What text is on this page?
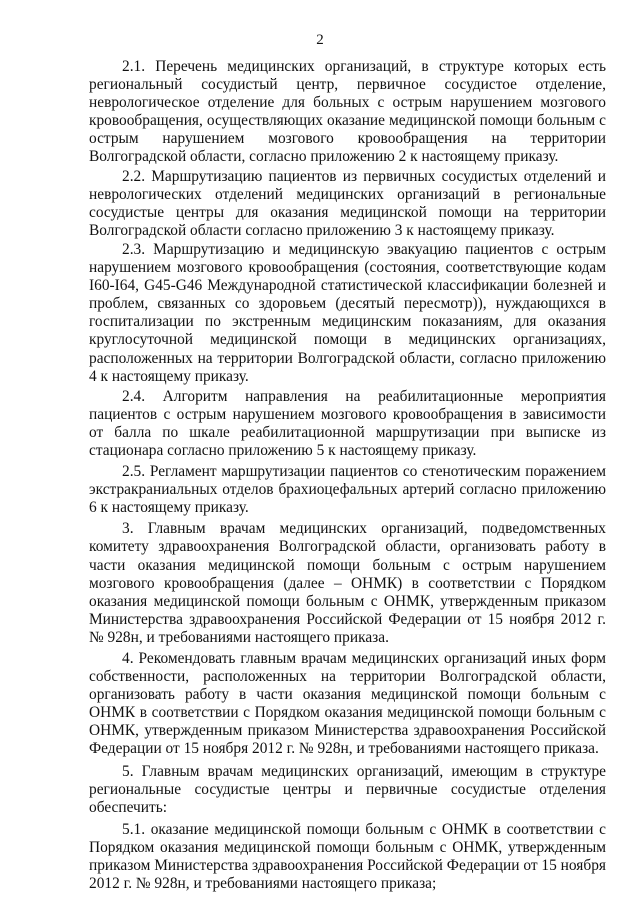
2

2.1. Перечень медицинских организаций, в структуре которых есть региональный сосудистый центр, первичное сосудистое отделение, неврологическое отделение для больных с острым нарушением мозгового кровообращения, осуществляющих оказание медицинской помощи больным с острым нарушением мозгового кровообращения на территории Волгоградской области, согласно приложению 2 к настоящему приказу.

2.2. Маршрутизацию пациентов из первичных сосудистых отделений и неврологических отделений медицинских организаций в региональные сосудистые центры для оказания медицинской помощи на территории Волгоградской области согласно приложению 3 к настоящему приказу.

2.3. Маршрутизацию и медицинскую эвакуацию пациентов с острым нарушением мозгового кровообращения (состояния, соответствующие кодам I60-I64, G45-G46 Международной статистической классификации болезней и проблем, связанных со здоровьем (десятый пересмотр)), нуждающихся в госпитализации по экстренным медицинским показаниям, для оказания круглосуточной медицинской помощи в медицинских организациях, расположенных на территории Волгоградской области, согласно приложению 4 к настоящему приказу.

2.4. Алгоритм направления на реабилитационные мероприятия пациентов с острым нарушением мозгового кровообращения в зависимости от балла по шкале реабилитационной маршрутизации при выписке из стационара согласно приложению 5 к настоящему приказу.

2.5. Регламент маршрутизации пациентов со стенотическим поражением экстракраниальных отделов брахиоцефальных артерий согласно приложению 6 к настоящему приказу.

3. Главным врачам медицинских организаций, подведомственных комитету здравоохранения Волгоградской области, организовать работу в части оказания медицинской помощи больным с острым нарушением мозгового кровообращения (далее – ОНМК) в соответствии с Порядком оказания медицинской помощи больным с ОНМК, утвержденным приказом Министерства здравоохранения Российской Федерации от 15 ноября 2012 г. № 928н, и требованиями настоящего приказа.

4. Рекомендовать главным врачам медицинских организаций иных форм собственности, расположенных на территории Волгоградской области, организовать работу в части оказания медицинской помощи больным с ОНМК в соответствии с Порядком оказания медицинской помощи больным с ОНМК, утвержденным приказом Министерства здравоохранения Российской Федерации от 15 ноября 2012 г. № 928н, и требованиями настоящего приказа.

5. Главным врачам медицинских организаций, имеющим в структуре региональные сосудистые центры и первичные сосудистые отделения обеспечить:

5.1. оказание медицинской помощи больным с ОНМК в соответствии с Порядком оказания медицинской помощи больным с ОНМК, утвержденным приказом Министерства здравоохранения Российской Федерации от 15 ноября 2012 г. № 928н, и требованиями настоящего приказа;
